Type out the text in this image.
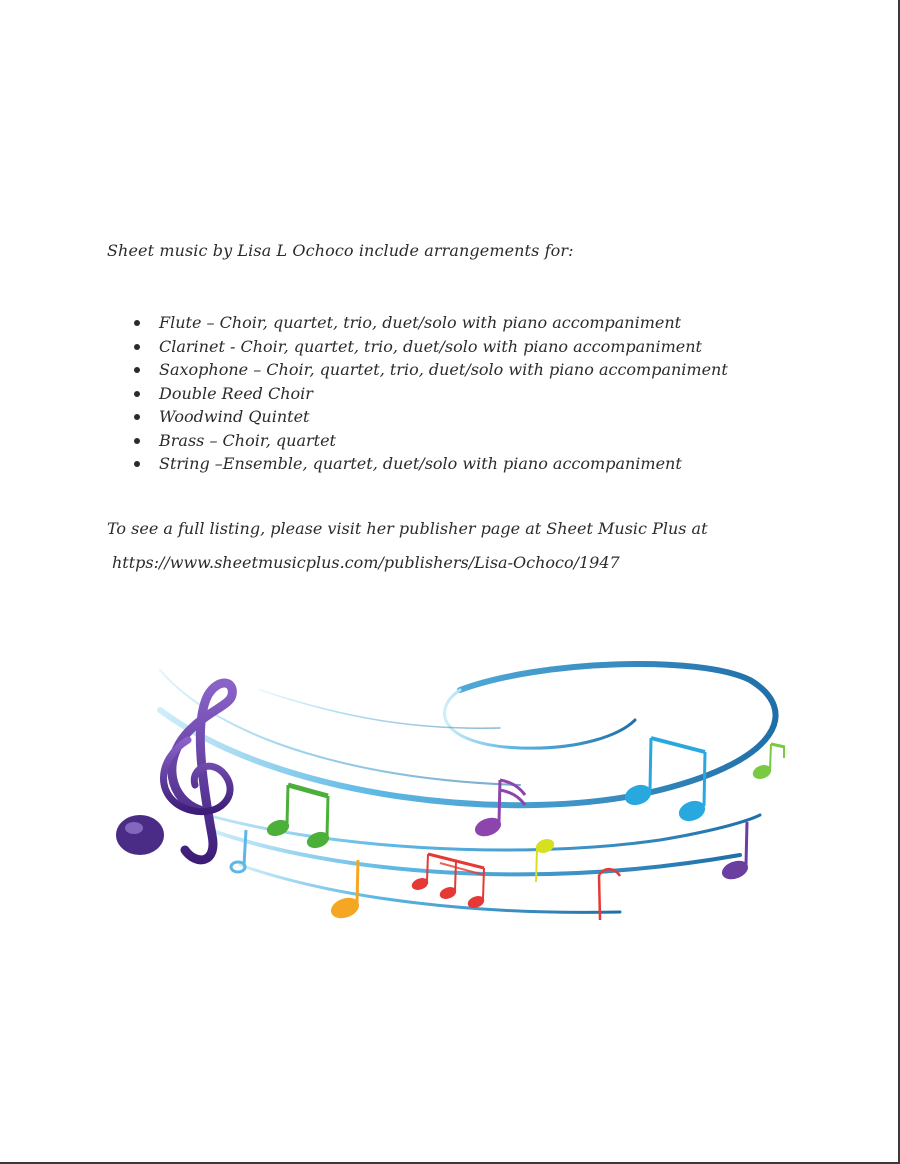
Sheet music by Lisa L Ochoco include arrangements for:

Flute – Choir, quartet, trio, duet/solo with piano accompaniment
Clarinet - Choir, quartet, trio, duet/solo with piano accompaniment
Saxophone – Choir, quartet, trio, duet/solo with piano accompaniment
Double Reed Choir
Woodwind Quintet
Brass – Choir, quartet
String –Ensemble, quartet, duet/solo with piano accompaniment

To see a full listing, please visit her publisher page at Sheet Music Plus at

https://www.sheetmusicplus.com/publishers/Lisa-Ochoco/1947
